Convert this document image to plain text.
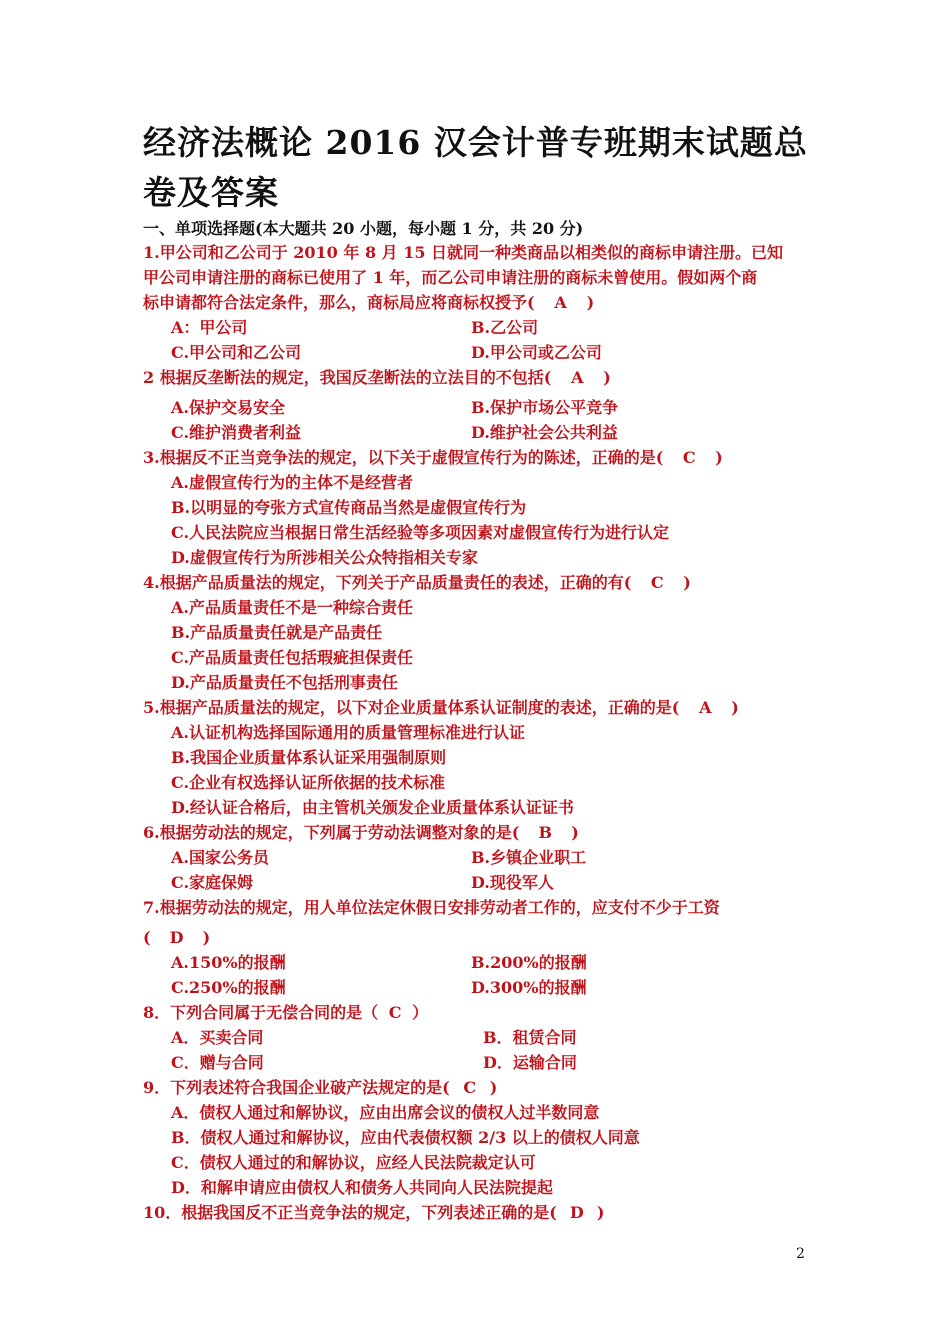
经济法概论 2016 汉会计普专班期末试题总卷及答案
一、单项选择题(本大题共 20 小题，每小题 1 分，共 20 分)
1.甲公司和乙公司于 2010 年 8 月 15 日就同一种类商品以相类似的商标申请注册。已知
甲公司申请注册的商标已使用了 1 年，而乙公司申请注册的商标未曾使用。假如两个商
标申请都符合法定条件，那么，商标局应将商标权授予( A )
A：甲公司	B.乙公司
C.甲公司和乙公司	D.甲公司或乙公司
2 根据反垄断法的规定，我国反垄断法的立法目的不包括( A )
A.保护交易安全	B.保护市场公平竞争
C.维护消费者利益	D.维护社会公共利益
3.根据反不正当竞争法的规定，以下关于虚假宣传行为的陈述，正确的是( C )
A.虚假宣传行为的主体不是经营者
B.以明显的夸张方式宣传商品当然是虚假宣传行为
C.人民法院应当根据日常生活经验等多项因素对虚假宣传行为进行认定
D.虚假宣传行为所涉相关公众特指相关专家
4.根据产品质量法的规定，下列关于产品质量责任的表述，正确的有( C )
A.产品质量责任不是一种综合责任
B.产品质量责任就是产品责任
C.产品质量责任包括瑕疵担保责任
D.产品质量责任不包括刑事责任
5.根据产品质量法的规定，以下对企业质量体系认证制度的表述，正确的是( A )
A.认证机构选择国际通用的质量管理标准进行认证
B.我国企业质量体系认证采用强制原则
C.企业有权选择认证所依据的技术标准
D.经认证合格后，由主管机关颁发企业质量体系认证证书
6.根据劳动法的规定，下列属于劳动法调整对象的是( B )
A.国家公务员	B.乡镇企业职工
C.家庭保姆	D.现役军人
7.根据劳动法的规定，用人单位法定休假日安排劳动者工作的，应支付不少于工资
( D )
A.150%的报酬	B.200%的报酬
C.250%的报酬	D.300%的报酬
8．下列合同属于无偿合同的是（ C ）
A．买卖合同	B．租赁合同
C．赠与合同	D．运输合同
9．下列表述符合我国企业破产法规定的是( C )
A．债权人通过和解协议，应由出席会议的债权人过半数同意
B．债权人通过和解协议，应由代表债权额 2/3 以上的债权人同意
C．债权人通过的和解协议，应经人民法院裁定认可
D．和解申请应由债权人和债务人共同向人民法院提起
10．根据我国反不正当竞争法的规定，下列表述正确的是( D )
2
